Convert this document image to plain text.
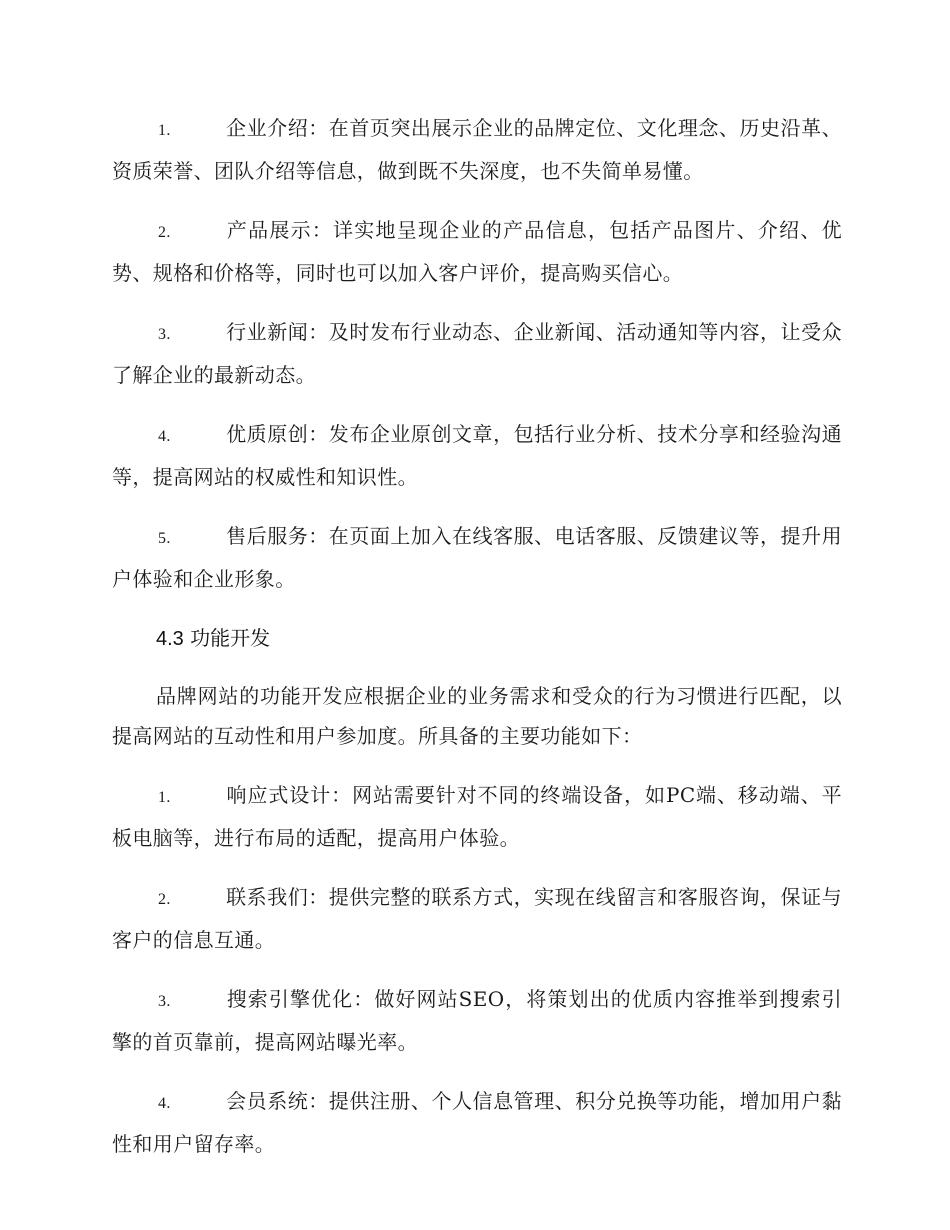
1.	企业介绍：在首页突出展示企业的品牌定位、文化理念、历史沿革、资质荣誉、团队介绍等信息，做到既不失深度，也不失简单易懂。
2.	产品展示：详实地呈现企业的产品信息，包括产品图片、介绍、优势、规格和价格等，同时也可以加入客户评价，提高购买信心。
3.	行业新闻：及时发布行业动态、企业新闻、活动通知等内容，让受众了解企业的最新动态。
4.	优质原创：发布企业原创文章，包括行业分析、技术分享和经验沟通等，提高网站的权威性和知识性。
5.	售后服务：在页面上加入在线客服、电话客服、反馈建议等，提升用户体验和企业形象。
4.3 功能开发
品牌网站的功能开发应根据企业的业务需求和受众的行为习惯进行匹配，以提高网站的互动性和用户参加度。所具备的主要功能如下：
1.	响应式设计：网站需要针对不同的终端设备，如PC端、移动端、平板电脑等，进行布局的适配，提高用户体验。
2.	联系我们：提供完整的联系方式，实现在线留言和客服咨询，保证与客户的信息互通。
3.	搜索引擎优化：做好网站SEO，将策划出的优质内容推举到搜索引擎的首页靠前，提高网站曝光率。
4.	会员系统：提供注册、个人信息管理、积分兑换等功能，增加用户黏性和用户留存率。
